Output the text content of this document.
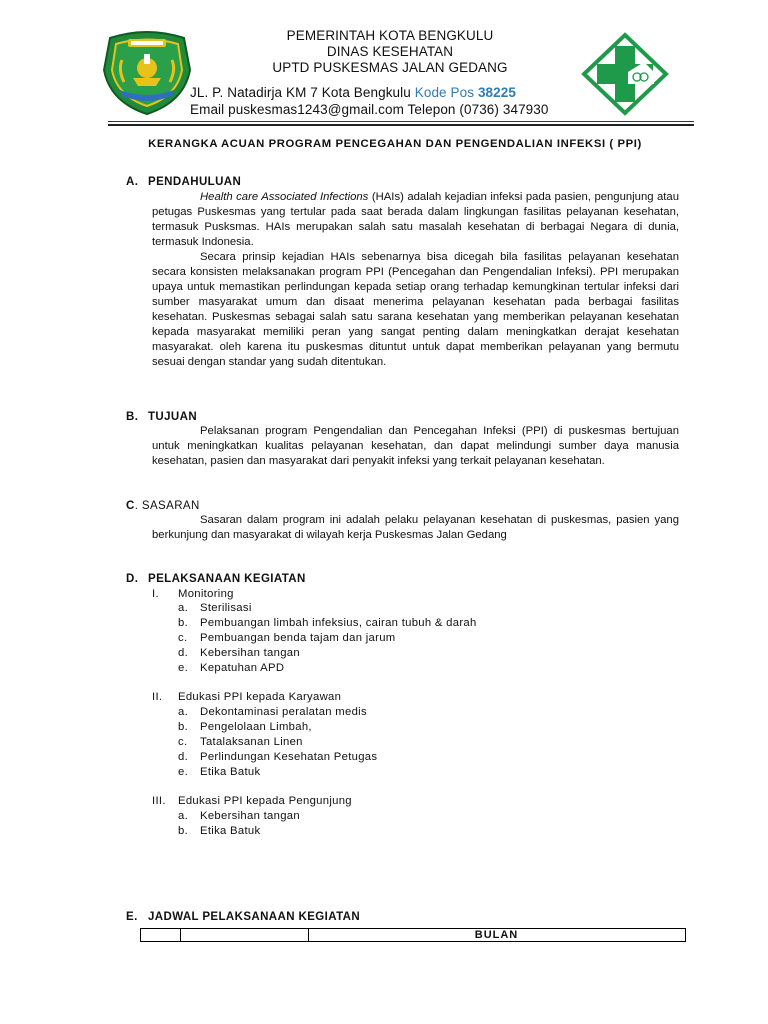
PEMERINTAH KOTA BENGKULU
DINAS KESEHATAN
UPTD PUSKESMAS JALAN GEDANG
JL. P. Natadirja KM 7 Kota Bengkulu Kode Pos 38225
Email puskesmas1243@gmail.com Telepon (0736) 347930
KERANGKA ACUAN PROGRAM PENCEGAHAN DAN PENGENDALIAN INFEKSI ( PPI)
A. PENDAHULUAN

Health care Associated Infections (HAIs) adalah kejadian infeksi pada pasien, pengunjung atau petugas Puskesmas yang tertular pada saat berada dalam lingkungan fasilitas pelayanan kesehatan, termasuk Pusksmas. HAIs merupakan salah satu masalah kesehatan di berbagai Negara di dunia, termasuk Indonesia.

Secara prinsip kejadian HAIs sebenarnya bisa dicegah bila fasilitas pelayanan kesehatan secara konsisten melaksanakan program PPI (Pencegahan dan Pengendalian Infeksi). PPI merupakan upaya untuk memastikan perlindungan kepada setiap orang terhadap kemungkinan tertular infeksi dari sumber masyarakat umum dan disaat menerima pelayanan kesehatan pada berbagai fasilitas kesehatan. Puskesmas sebagai salah satu sarana kesehatan yang memberikan pelayanan kesehatan kepada masyarakat memiliki peran yang sangat penting dalam meningkatkan derajat kesehatan masyarakat. oleh karena itu puskesmas dituntut untuk dapat memberikan pelayanan yang bermutu sesuai dengan standar yang sudah ditentukan.

B. TUJUAN

Pelaksanan program Pengendalian dan Pencegahan Infeksi (PPI) di puskesmas bertujuan untuk meningkatkan kualitas pelayanan kesehatan, dan dapat melindungi sumber daya manusia kesehatan, pasien dan masyarakat dari penyakit infeksi yang terkait pelayanan kesehatan.

C. SASARAN

Sasaran dalam program ini adalah pelaku pelayanan kesehatan di puskesmas, pasien yang berkunjung dan masyarakat di wilayah kerja Puskesmas Jalan Gedang

D. PELAKSANAAN KEGIATAN
I. Monitoring
a. Sterilisasi
b. Pembuangan limbah infeksius, cairan tubuh & darah
c. Pembuangan benda tajam dan jarum
d. Kebersihan tangan
e. Kepatuhan APD
II. Edukasi PPI kepada Karyawan
a. Dekontaminasi peralatan medis
b. Pengelolaan Limbah,
c. Tatalaksanan Linen
d. Perlindungan Kesehatan Petugas
e. Etika Batuk
III. Edukasi PPI kepada Pengunjung
a. Kebersihan tangan
b. Etika Batuk
E. JADWAL PELAKSANAAN KEGIATAN
BULAN
